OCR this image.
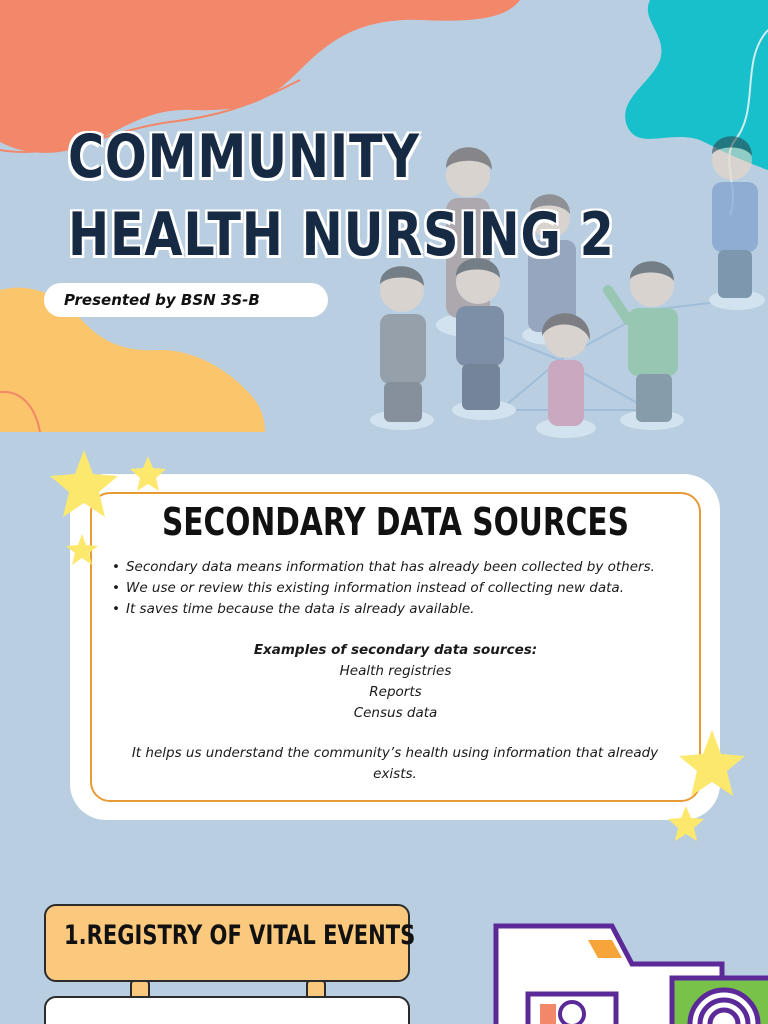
COMMUNITY
HEALTH NURSING 2
Presented by BSN 3S-B
SECONDARY DATA SOURCES
• Secondary data means information that has already been collected by others.
• We use or review this existing information instead of collecting new data.
• It saves time because the data is already available.
Examples of secondary data sources:
Health registries
Reports
Census data
It helps us understand the community’s health using information that already exists.
1.REGISTRY OF VITAL EVENTS
